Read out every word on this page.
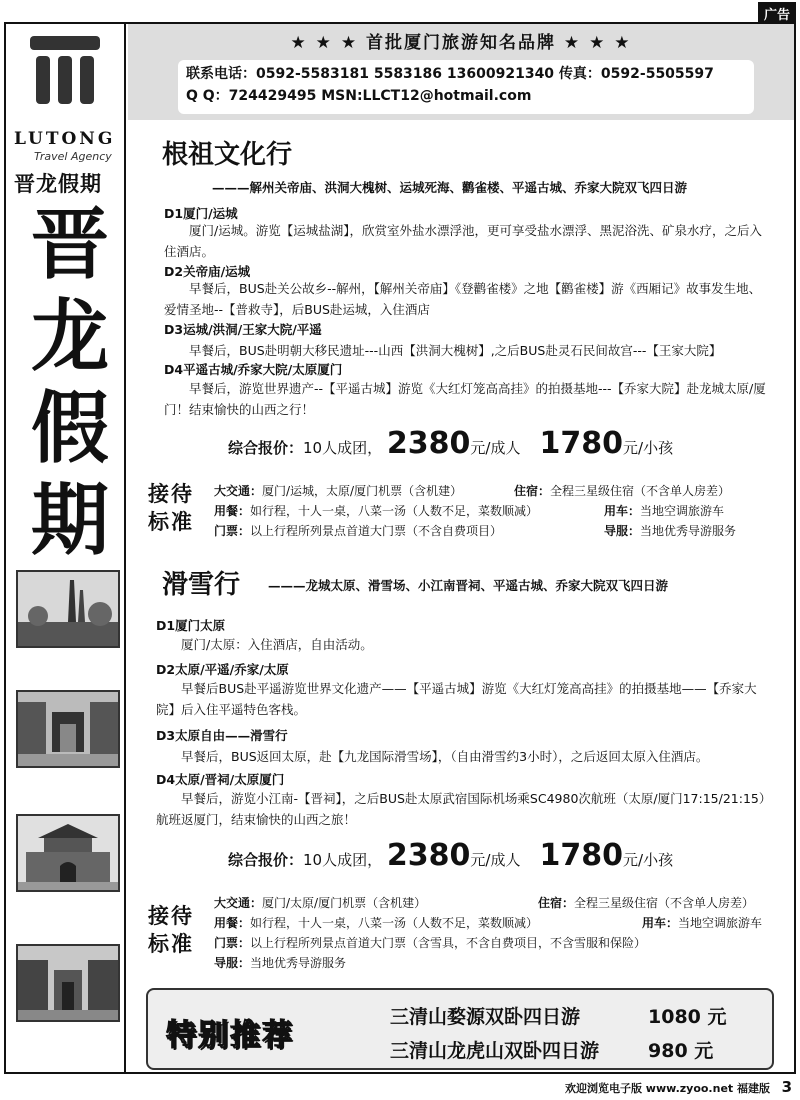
广告
LUTONG
Travel Agency
晋龙假期
晋
龙
假
期
★ ★ ★ 首批厦门旅游知名品牌 ★ ★ ★
联系电话：0592-5583181 5583186 13600921340 传真：0592-5505597
Q Q：724429495 MSN:LLCT12@hotmail.com
根祖文化行
———解州关帝庙、洪洞大槐树、运城死海、鹳雀楼、平遥古城、乔家大院双飞四日游
D1厦门/运城
厦门/运城。游览【运城盐湖】，欣赏室外盐水漂浮池，更可享受盐水漂浮、黑泥浴洗、矿泉水疗，之后入住酒店。
D2关帝庙/运城
早餐后，BUS赴关公故乡--解州，【解州关帝庙】《登鹳雀楼》之地【鹳雀楼】游《西厢记》故事发生地、爱情圣地--【普救寺】，后BUS赴运城，入住酒店
D3运城/洪洞/王家大院/平遥
早餐后，BUS赴明朝大移民遗址---山西【洪洞大槐树】,之后BUS赴灵石民间故宫---【王家大院】
D4平遥古城/乔家大院/太原厦门
早餐后，游览世界遗产--【平遥古城】游览《大红灯笼高高挂》的拍摄基地---【乔家大院】赴龙城太原/厦门！结束愉快的山西之行！
综合报价：10人成团， 2380元/成人 1780元/小孩
接待
标准
大交通：厦门/运城，太原/厦门机票（含机建）	住宿：全程三星级住宿（不含单人房差）
用餐：如行程，十人一桌，八菜一汤（人数不足，菜数顺减）	用车：当地空调旅游车
门票：以上行程所列景点首道大门票（不含自费项目）	导服：当地优秀导游服务
滑雪行 ———龙城太原、滑雪场、小江南晋祠、平遥古城、乔家大院双飞四日游
D1厦门太原
厦门/太原：入住酒店，自由活动。
D2太原/平遥/乔家/太原
早餐后BUS赴平遥游览世界文化遗产——【平遥古城】游览《大红灯笼高高挂》的拍摄基地——【乔家大院】后入住平遥特色客栈。
D3太原自由——滑雪行
早餐后，BUS返回太原，赴【九龙国际滑雪场】，（自由滑雪约3小时），之后返回太原入住酒店。
D4太原/晋祠/太原厦门
早餐后，游览小江南-【晋祠】，之后BUS赴太原武宿国际机场乘SC4980次航班（太原/厦门17:15/21:15）航班返厦门，结束愉快的山西之旅！
综合报价：10人成团， 2380元/成人 1780元/小孩
接待
标准
大交通：厦门/太原/厦门机票（含机建）	住宿：全程三星级住宿（不含单人房差）
用餐：如行程，十人一桌，八菜一汤（人数不足，菜数顺减）	用车：当地空调旅游车
门票：以上行程所列景点首道大门票（含雪具，不含自费项目，不含雪服和保险）
导服：当地优秀导游服务
特别推荐
三清山婺源双卧四日游	1080 元
三清山龙虎山双卧四日游	980 元
欢迎浏览电子版 www.zyoo.net 福建版 3
